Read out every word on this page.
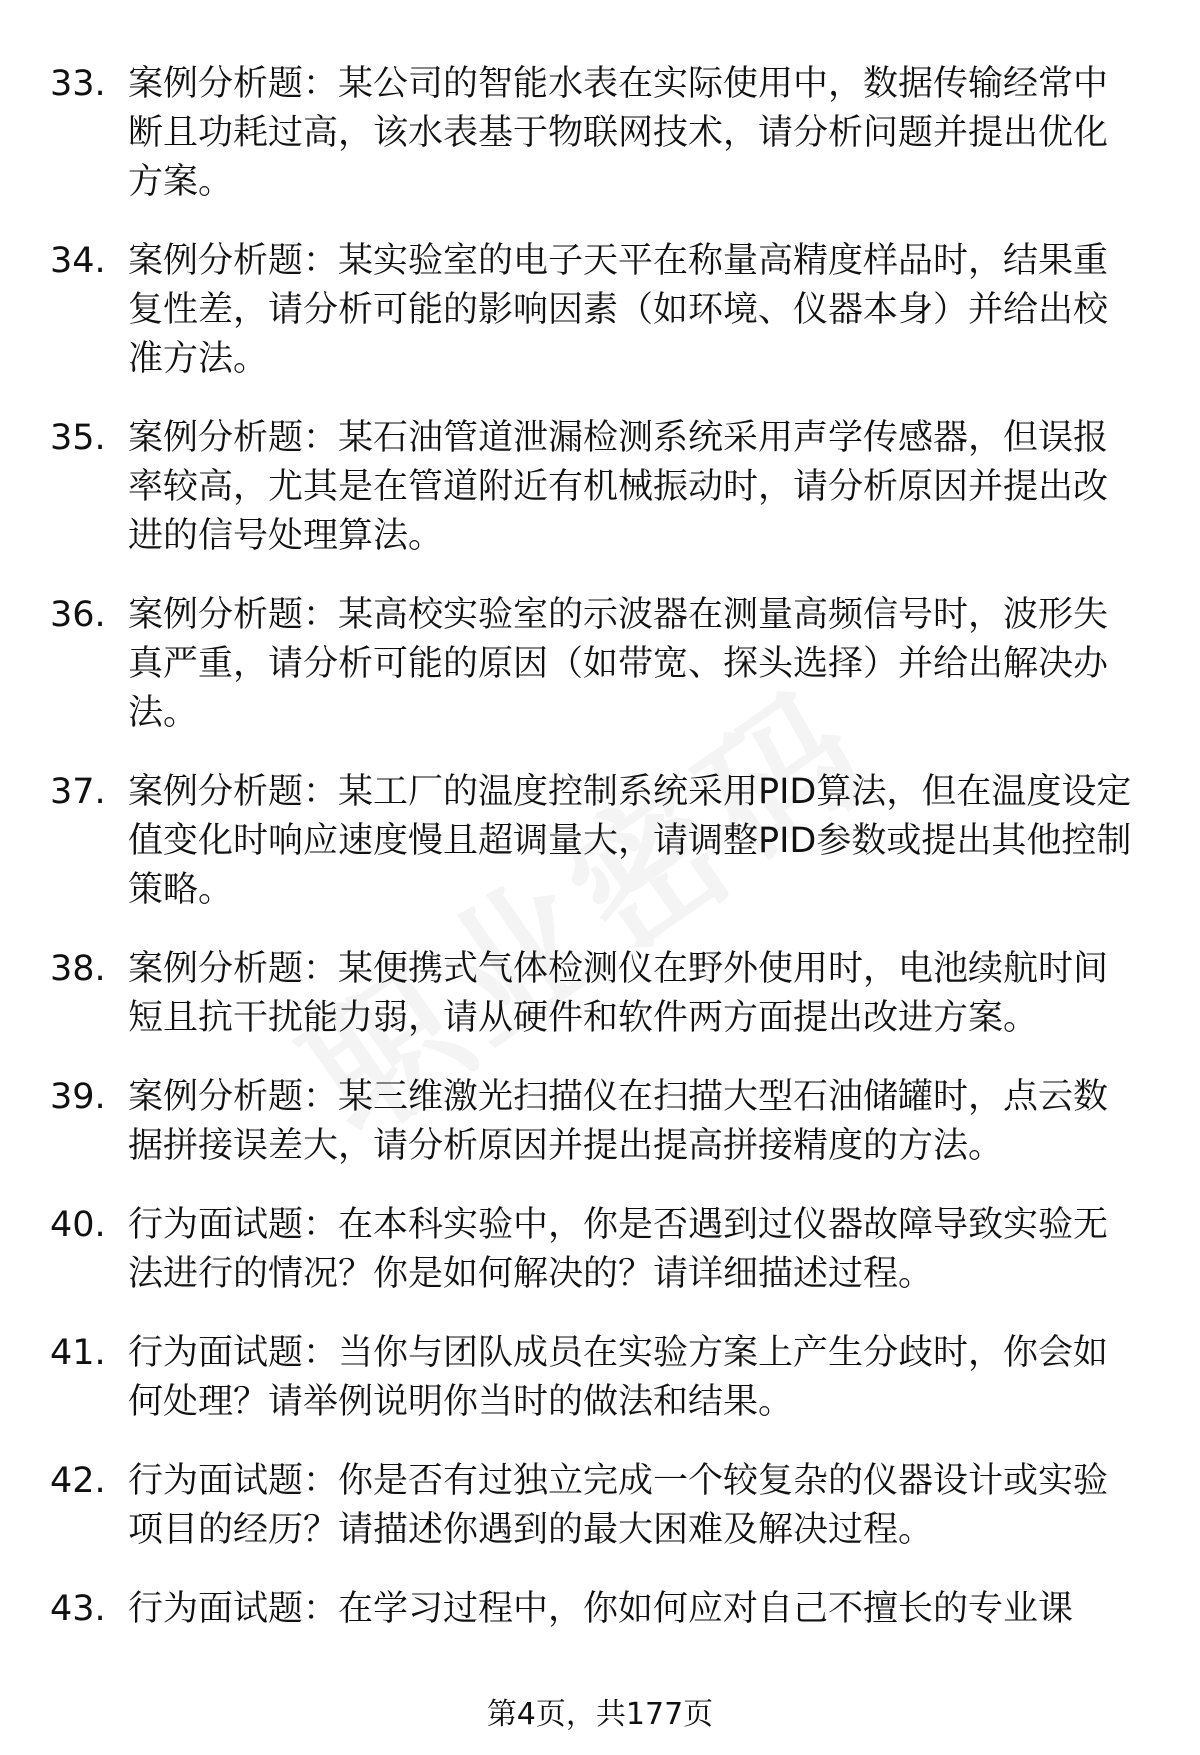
33. 案例分析题：某公司的智能水表在实际使用中，数据传输经常中断且功耗过高，该水表基于物联网技术，请分析问题并提出优化方案。
34. 案例分析题：某实验室的电子天平在称量高精度样品时，结果重复性差，请分析可能的影响因素（如环境、仪器本身）并给出校准方法。
35. 案例分析题：某石油管道泄漏检测系统采用声学传感器，但误报率较高，尤其是在管道附近有机械振动时，请分析原因并提出改进的信号处理算法。
36. 案例分析题：某高校实验室的示波器在测量高频信号时，波形失真严重，请分析可能的原因（如带宽、探头选择）并给出解决办法。
37. 案例分析题：某工厂的温度控制系统采用PID算法，但在温度设定值变化时响应速度慢且超调量大，请调整PID参数或提出其他控制策略。
38. 案例分析题：某便携式气体检测仪在野外使用时，电池续航时间短且抗干扰能力弱，请从硬件和软件两方面提出改进方案。
39. 案例分析题：某三维激光扫描仪在扫描大型石油储罐时，点云数据拼接误差大，请分析原因并提出提高拼接精度的方法。
40. 行为面试题：在本科实验中，你是否遇到过仪器故障导致实验无法进行的情况？你是如何解决的？请详细描述过程。
41. 行为面试题：当你与团队成员在实验方案上产生分歧时，你会如何处理？请举例说明你当时的做法和结果。
42. 行为面试题：你是否有过独立完成一个较复杂的仪器设计或实验项目的经历？请描述你遇到的最大困难及解决过程。
43. 行为面试题：在学习过程中，你如何应对自己不擅长的专业课
第4页，共177页
